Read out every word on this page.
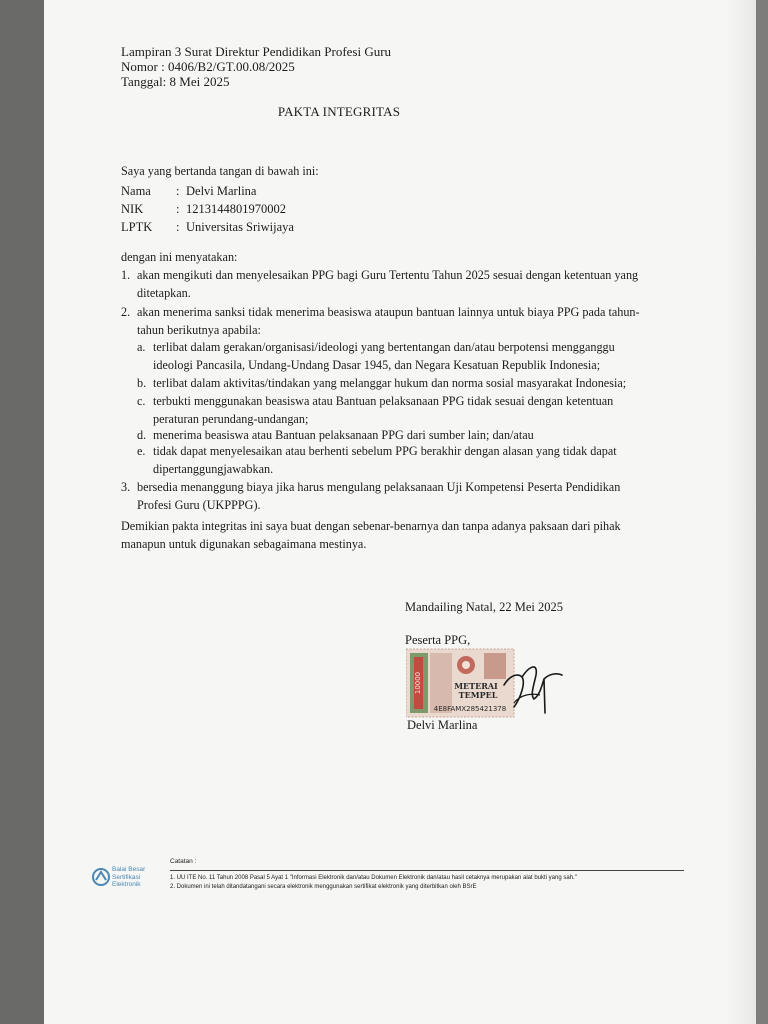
Lampiran 3 Surat Direktur Pendidikan Profesi Guru
Nomor : 0406/B2/GT.00.08/2025
Tanggal: 8 Mei 2025
PAKTA INTEGRITAS
Saya yang bertanda tangan di bawah ini:
Nama	: Delvi Marlina
NIK	: 1213144801970002
LPTK	: Universitas Sriwijaya
dengan ini menyatakan:
1. akan mengikuti dan menyelesaikan PPG bagi Guru Tertentu Tahun 2025 sesuai dengan ketentuan yang
ditetapkan.
2. akan menerima sanksi tidak menerima beasiswa ataupun bantuan lainnya untuk biaya PPG pada tahun-
tahun berikutnya apabila:
a. terlibat dalam gerakan/organisasi/ideologi yang bertentangan dan/atau berpotensi mengganggu
ideologi Pancasila, Undang-Undang Dasar 1945, dan Negara Kesatuan Republik Indonesia;
b. terlibat dalam aktivitas/tindakan yang melanggar hukum dan norma sosial masyarakat Indonesia;
c. terbukti menggunakan beasiswa atau Bantuan pelaksanaan PPG tidak sesuai dengan ketentuan
peraturan perundang-undangan;
d. menerima beasiswa atau Bantuan pelaksanaan PPG dari sumber lain; dan/atau
e. tidak dapat menyelesaikan atau berhenti sebelum PPG berakhir dengan alasan yang tidak dapat
dipertanggungjawabkan.
3. bersedia menanggung biaya jika harus mengulang pelaksanaan Uji Kompetensi Peserta Pendidikan
Profesi Guru (UKPPPG).
Demikian pakta integritas ini saya buat dengan sebenar-benarnya dan tanpa adanya paksaan dari pihak
manapun untuk digunakan sebagaimana mestinya.
Mandailing Natal, 22 Mei 2025
Peserta PPG,
10000	METERAI
TEMPEL
4E8FAMX285421378
Delvi Marlina
Balai Besar
Sertifikasi
Elektronik
Catatan :
1. UU ITE No. 11 Tahun 2008 Pasal 5 Ayat 1 "Informasi Elektronik dan/atau Dokumen Elektronik dan/atau hasil cetaknya merupakan alat bukti yang sah."
2. Dokumen ini telah ditandatangani secara elektronik menggunakan sertifikat elektronik yang diterbitkan oleh BSrE
